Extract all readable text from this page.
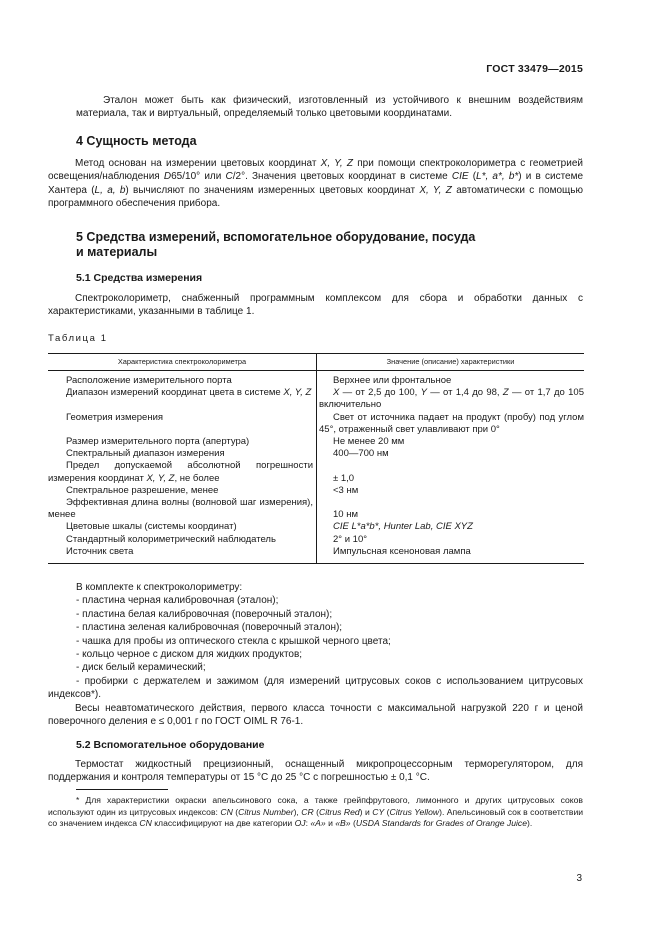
ГОСТ 33479—2015
Эталон может быть как физический, изготовленный из устойчивого к внешним воздействиям материала, так и виртуальный, определяемый только цветовыми координатами.
4 Сущность метода
Метод основан на измерении цветовых координат X, Y, Z при помощи спектроколориметра с геометрией освещения/наблюдения D65/10° или C/2°. Значения цветовых координат в системе CIE (L*, a*, b*) и в системе Хантера (L, a, b) вычисляют по значениям измеренных цветовых координат X, Y, Z автоматически с помощью программного обеспечения прибора.
5 Средства измерений, вспомогательное оборудование, посуда
и материалы
5.1 Средства измерения
Спектроколориметр, снабженный программным комплексом для сбора и обработки данных с характеристиками, указанными в таблице 1.
Таблица 1
Характеристика спектроколориметра	Значение (описание) характеристики
Расположение измерительного порта	Верхнее или фронтальное
Диапазон измерений координат цвета в системе X, Y, Z	X — от 2,5 до 100, Y — от 1,4 до 98, Z — от 1,7 до 105 включительно
Геометрия измерения	Свет от источника падает на продукт (пробу) под углом 45°, отраженный свет улавливают при 0°
Размер измерительного порта (апертура)	Не менее 20 мм
Спектральный диапазон измерения	400—700 нм
Предел допускаемой абсолютной погрешности измерения координат X, Y, Z, не более	± 1,0
Спектральное разрешение, менее	<3 нм
Эффективная длина волны (волновой шаг измерения), менее	10 нм
Цветовые шкалы (системы координат)	CIE L*a*b*, Hunter Lab, CIE XYZ
Стандартный колориметрический наблюдатель	2° и 10°
Источник света	Импульсная ксеноновая лампа
В комплекте к спектроколориметру:
- пластина черная калибровочная (эталон);
- пластина белая калибровочная (поверочный эталон);
- пластина зеленая калибровочная (поверочный эталон);
- чашка для пробы из оптического стекла с крышкой черного цвета;
- кольцо черное с диском для жидких продуктов;
- диск белый керамический;
- пробирки с держателем и зажимом (для измерений цитрусовых соков с использованием цитрусовых индексов*).
Весы неавтоматического действия, первого класса точности с максимальной нагрузкой 220 г и ценой поверочного деления e ≤ 0,001 г по ГОСТ OIML R 76-1.
5.2 Вспомогательное оборудование
Термостат жидкостный прецизионный, оснащенный микропроцессорным терморегулятором, для поддержания и контроля температуры от 15 °С до 25 °С с погрешностью ± 0,1 °С.
* Для характеристики окраски апельсинового сока, а также грейпфрутового, лимонного и других цитрусовых соков используют один из цитрусовых индексов: CN (Citrus Number), CR (Citrus Red) и CY (Citrus Yellow). Апельсиновый сок в соответствии со значением индекса CN классифицируют на две категории OJ: «A» и «B» (USDA Standards for Grades of Orange Juice).
3
